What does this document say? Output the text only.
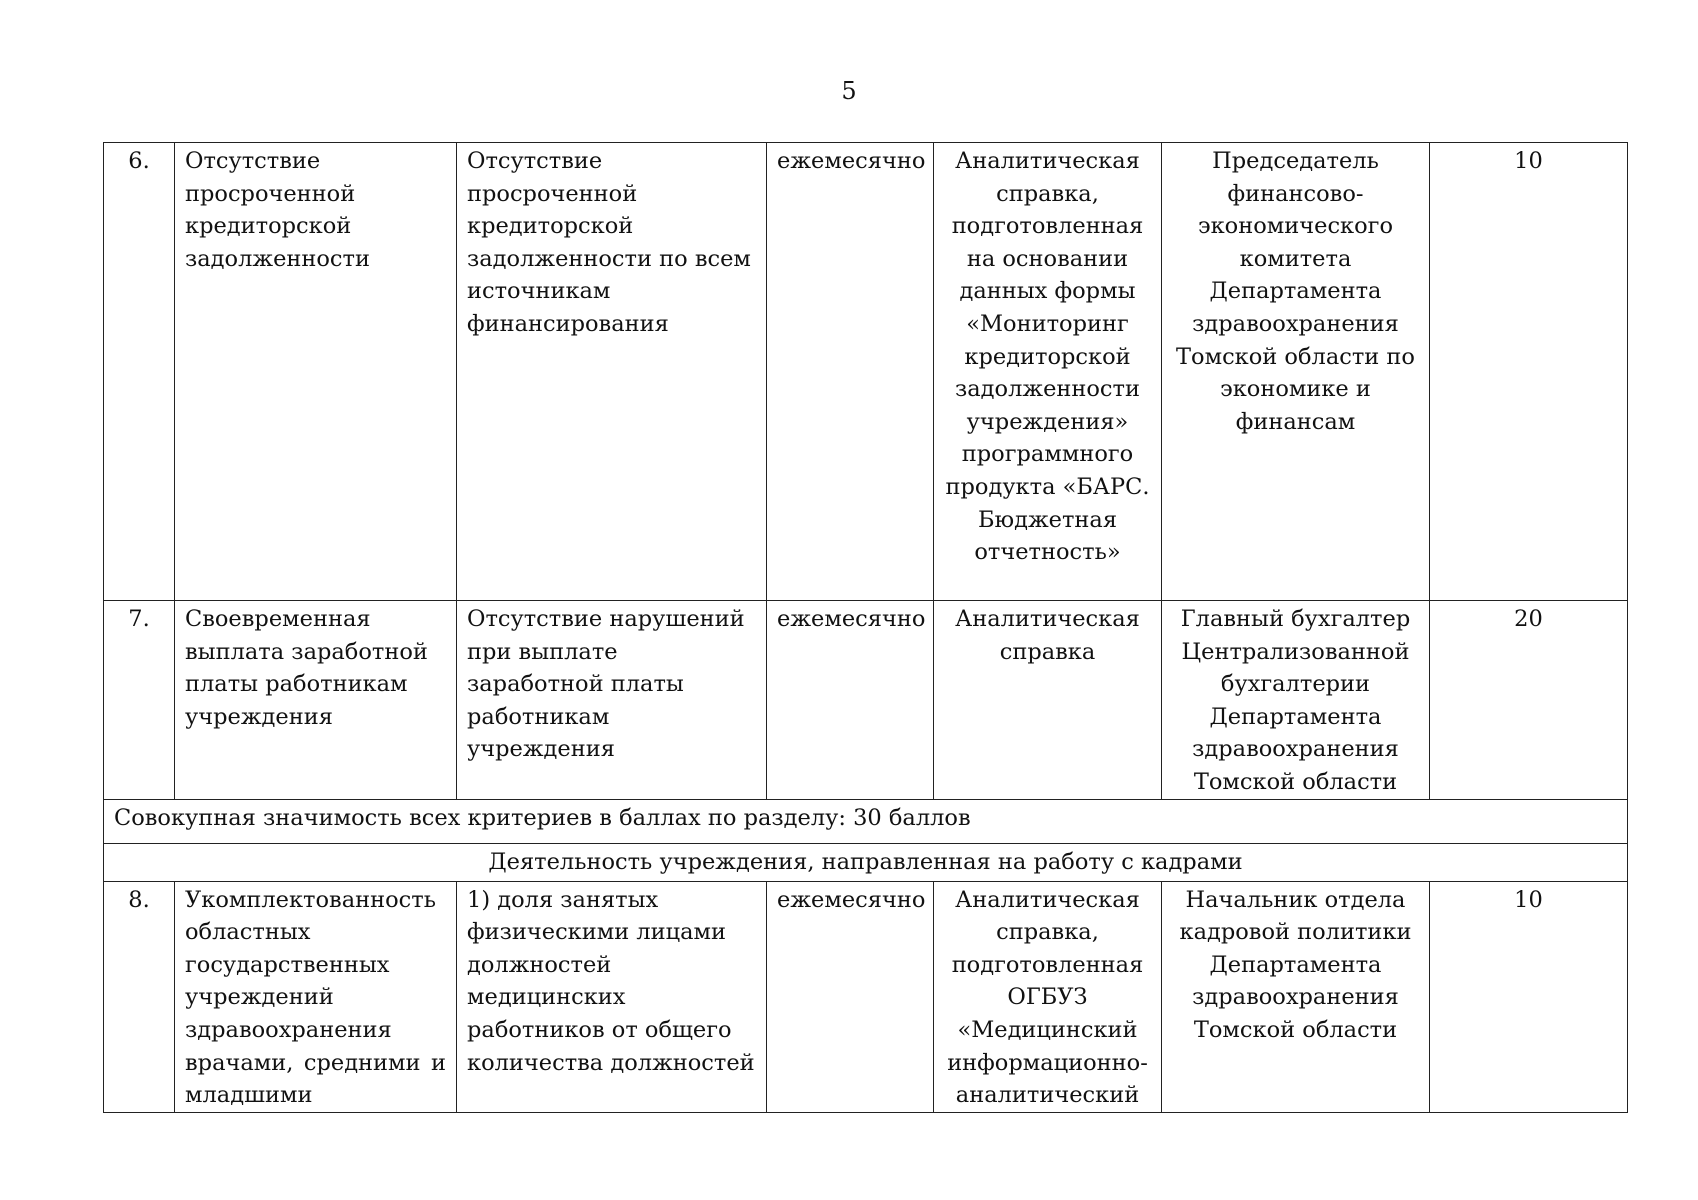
5
6.	Отсутствие просроченной кредиторской задолженности	Отсутствие просроченной кредиторской задолженности по всем источникам финансирования	ежемесячно	Аналитическая справка, подготовленная на основании данных формы «Мониторинг кредиторской задолженности учреждения» программного продукта «БАРС. Бюджетная отчетность»	Председатель финансово-экономического комитета Департамента здравоохранения Томской области по экономике и финансам	10
7.	Своевременная выплата заработной платы работникам учреждения	Отсутствие нарушений при выплате заработной платы работникам учреждения	ежемесячно	Аналитическая справка	Главный бухгалтер Централизованной бухгалтерии Департамента здравоохранения Томской области	20
Совокупная значимость всех критериев в баллах по разделу: 30 баллов						
Деятельность учреждения, направленная на работу с кадрами						
8.	Укомплектованность областных государственных учреждений здравоохранения врачами, средними и младшими	1) доля занятых физическими лицами должностей медицинских работников от общего количества должностей	ежемесячно	Аналитическая справка, подготовленная ОГБУЗ «Медицинский информационно-аналитический	Начальник отдела кадровой политики Департамента здравоохранения Томской области	10
